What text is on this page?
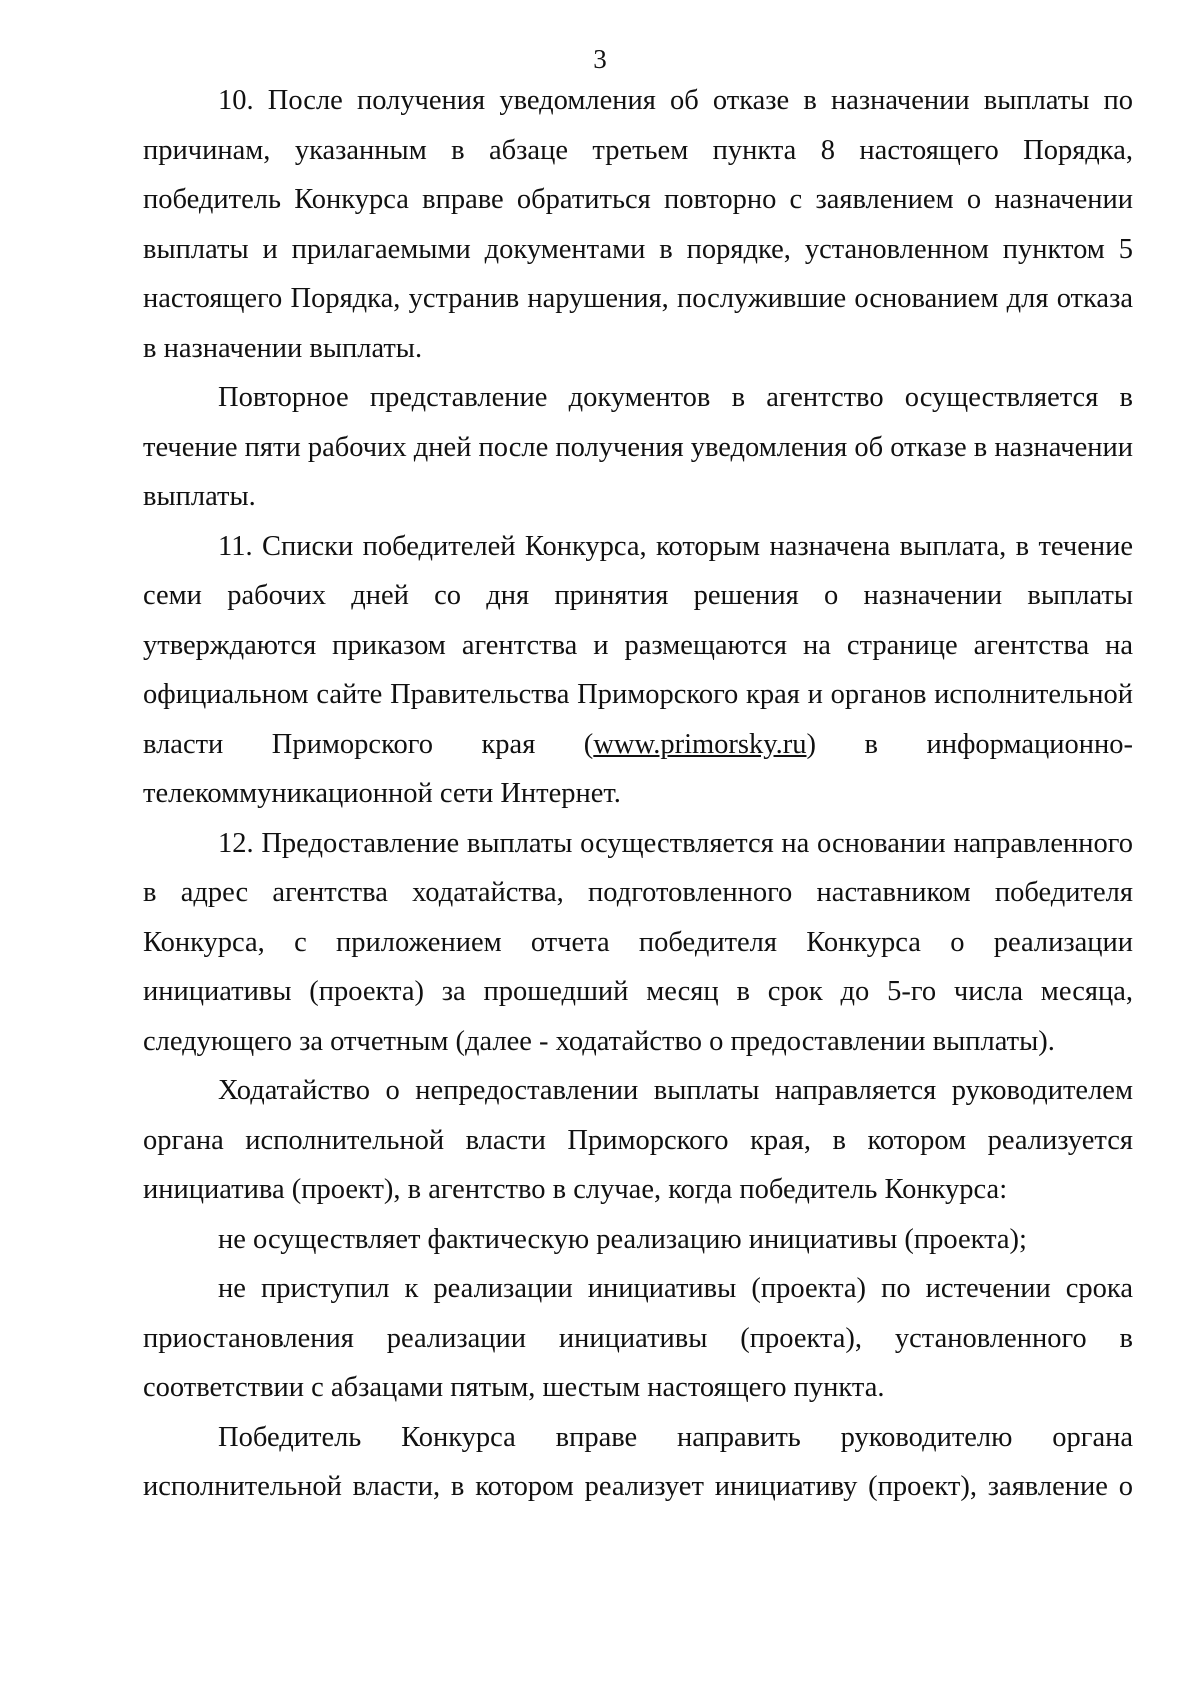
3

10. После получения уведомления об отказе в назначении выплаты по причинам, указанным в абзаце третьем пункта 8 настоящего Порядка, победитель Конкурса вправе обратиться повторно с заявлением о назначении выплаты и прилагаемыми документами в порядке, установленном пунктом 5 настоящего Порядка, устранив нарушения, послужившие основанием для отказа в назначении выплаты.

Повторное представление документов в агентство осуществляется в течение пяти рабочих дней после получения уведомления об отказе в назначении выплаты.

11. Списки победителей Конкурса, которым назначена выплата, в течение семи рабочих дней со дня принятия решения о назначении выплаты утверждаются приказом агентства и размещаются на странице агентства на официальном сайте Правительства Приморского края и органов исполнительной власти Приморского края (www.primorsky.ru) в информационно-телекоммуникационной сети Интернет.

12. Предоставление выплаты осуществляется на основании направленного в адрес агентства ходатайства, подготовленного наставником победителя Конкурса, с приложением отчета победителя Конкурса о реализации инициативы (проекта) за прошедший месяц в срок до 5-го числа месяца, следующего за отчетным (далее - ходатайство о предоставлении выплаты).

Ходатайство о непредоставлении выплаты направляется руководителем органа исполнительной власти Приморского края, в котором реализуется инициатива (проект), в агентство в случае, когда победитель Конкурса:

не осуществляет фактическую реализацию инициативы (проекта);

не приступил к реализации инициативы (проекта) по истечении срока приостановления реализации инициативы (проекта), установленного в соответствии с абзацами пятым, шестым настоящего пункта.

Победитель Конкурса вправе направить руководителю органа исполнительной власти, в котором реализует инициативу (проект), заявление о
